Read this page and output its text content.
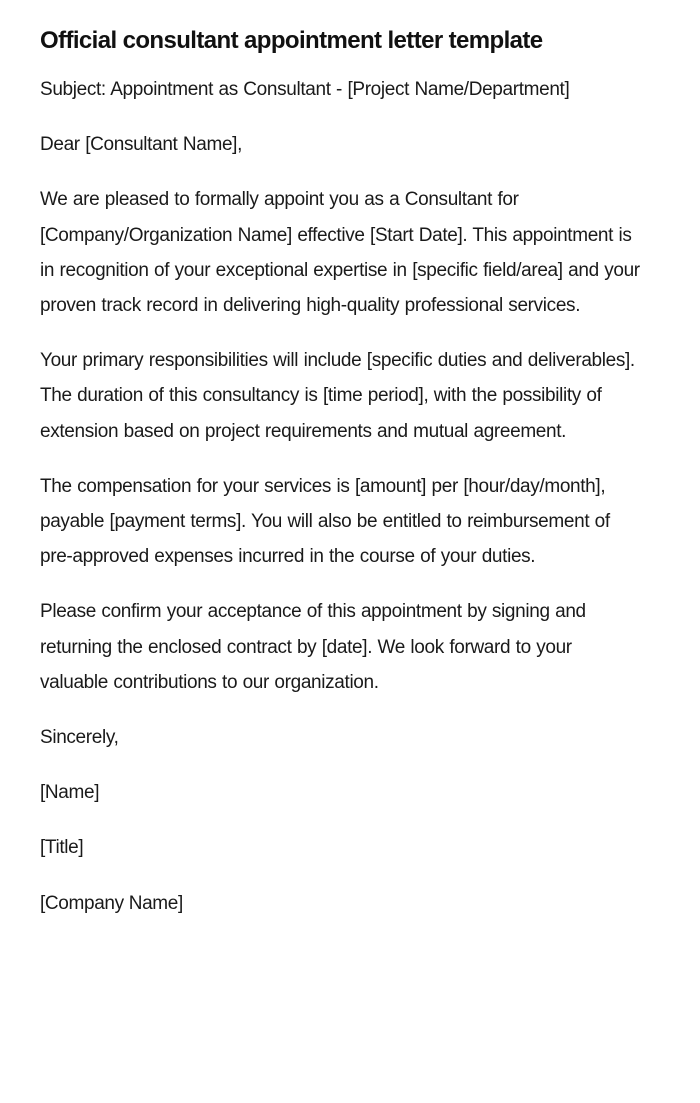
Official consultant appointment letter template

Subject: Appointment as Consultant - [Project Name/Department]

Dear [Consultant Name],

We are pleased to formally appoint you as a Consultant for [Company/Organization Name] effective [Start Date]. This appointment is in recognition of your exceptional expertise in [specific field/area] and your proven track record in delivering high-quality professional services.

Your primary responsibilities will include [specific duties and deliverables]. The duration of this consultancy is [time period], with the possibility of extension based on project requirements and mutual agreement.

The compensation for your services is [amount] per [hour/day/month], payable [payment terms]. You will also be entitled to reimbursement of pre-approved expenses incurred in the course of your duties.

Please confirm your acceptance of this appointment by signing and returning the enclosed contract by [date]. We look forward to your valuable contributions to our organization.

Sincerely,

[Name]

[Title]

[Company Name]
